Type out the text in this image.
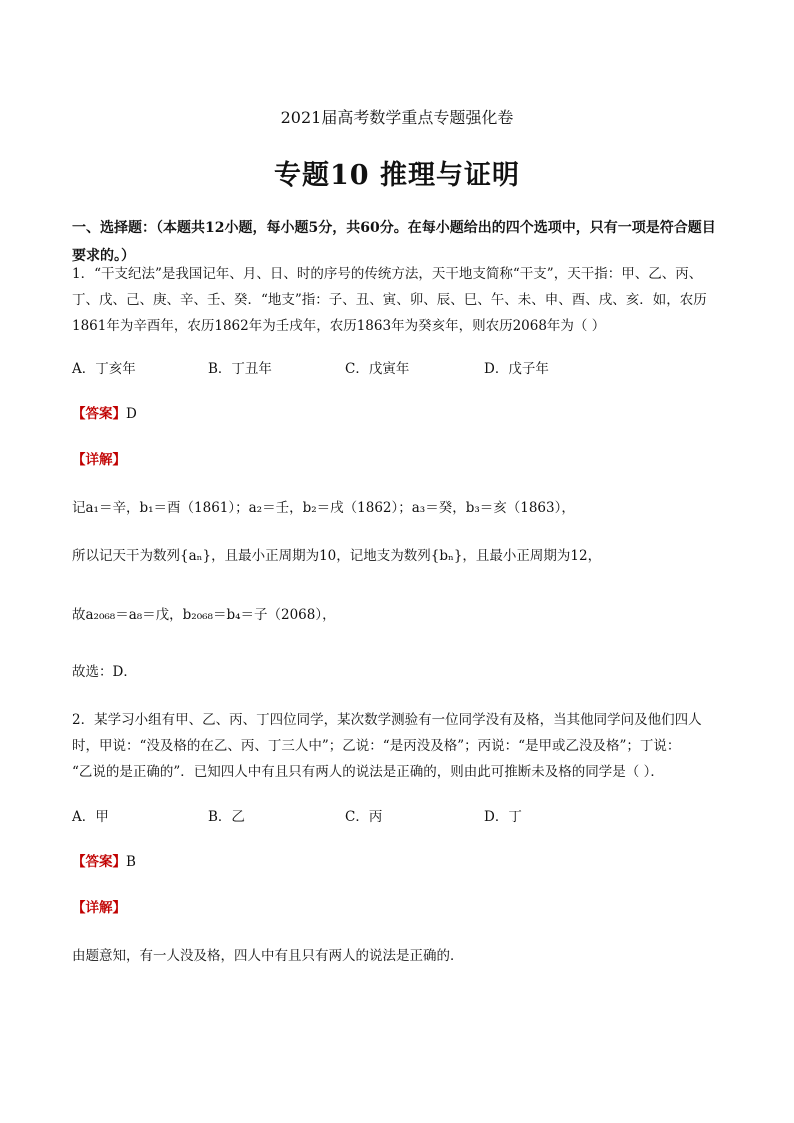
2021届高考数学重点专题强化卷
专题10 推理与证明
一、选择题：（本题共12小题，每小题5分，共60分。在每小题给出的四个选项中，只有一项是符合题目要求的。）
1．“干支纪法”是我国记年、月、日、时的序号的传统方法，天干地支简称“干支”，天干指：甲、乙、丙、
丁、戊、己、庚、辛、壬、癸．“地支”指：子、丑、寅、卯、辰、巳、午、未、申、酉、戌、亥．如，农历
1861年为辛酉年，农历1862年为壬戌年，农历1863年为癸亥年，则农历2068年为（ ）
A．丁亥年	B．丁丑年	C．戊寅年	D．戊子年
【答案】D
【详解】
记a₁＝辛，b₁＝酉（1861）；a₂＝壬，b₂＝戌（1862）；a₃＝癸，b₃＝亥（1863），
所以记天干为数列{aₙ}，且最小正周期为10，记地支为数列{bₙ}，且最小正周期为12，
故a₂₀₆₈＝a₈＝戊，b₂₀₆₈＝b₄＝子（2068），
故选：D．
2．某学习小组有甲、乙、丙、丁四位同学，某次数学测验有一位同学没有及格，当其他同学问及他们四人
时，甲说：“没及格的在乙、丙、丁三人中”；乙说：“是丙没及格”；丙说：“是甲或乙没及格”；丁说：
“乙说的是正确的”．已知四人中有且只有两人的说法是正确的，则由此可推断未及格的同学是（ ）．
A．甲	B．乙	C．丙	D．丁
【答案】B
【详解】
由题意知，有一人没及格，四人中有且只有两人的说法是正确的．
